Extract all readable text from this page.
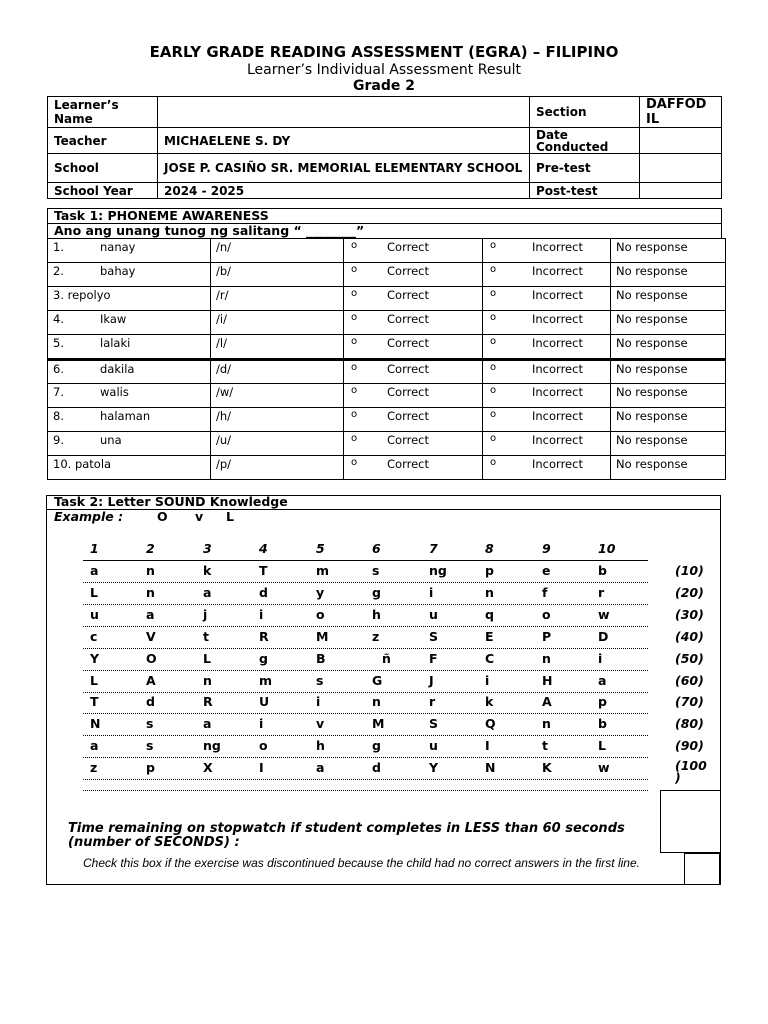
EARLY GRADE READING ASSESSMENT (EGRA) – FILIPINO
Learner’s Individual Assessment Result
Grade 2
Learner’s Name		Section	DAFFOD IL
Teacher	MICHAELENE S. DY	Date Conducted	
School	JOSE P. CASIÑO SR. MEMORIAL ELEMENTARY SCHOOL	Pre-test	
School Year	2024 - 2025	Post-test	
Task 1: PHONEME AWARENESS
Ano ang unang tunog ng salitang “ ________”
1. nanay	/n/	o Correct	o Incorrect	No response
2. bahay	/b/	o Correct	o Incorrect	No response
3. repolyo	/r/	o Correct	o Incorrect	No response
4. Ikaw	/i/	o Correct	o Incorrect	No response
5. lalaki	/l/	o Correct	o Incorrect	No response
6. dakila	/d/	o Correct	o Incorrect	No response
7. walis	/w/	o Correct	o Incorrect	No response
8. halaman	/h/	o Correct	o Incorrect	No response
9. una	/u/	o Correct	o Incorrect	No response
10. patola	/p/	o Correct	o Incorrect	No response
Task 2: Letter SOUND Knowledge
Example :	O v L
1	2	3	4	5	6	7	8	9	10
a	n	k	T	m	s	ng	p	e	b	(10)
L	n	a	d	y	g	i	n	f	r	(20)
u	a	j	i	o	h	u	q	o	w	(30)
c	V	t	R	M	z	S	E	P	D	(40)
Y	O	L	g	B	ñ	F	C	n	i	(50)
L	A	n	m	s	G	J	i	H	a	(60)
T	d	R	U	i	n	r	k	A	p	(70)
N	s	a	i	v	M	S	Q	n	b	(80)
a	s	ng	o	h	g	u	I	t	L	(90)
z	p	X	I	a	d	Y	N	K	w	(100 )
Time remaining on stopwatch if student completes in LESS than 60 seconds (number of SECONDS) :
Check this box if the exercise was discontinued because the child had no correct answers in the first line.
